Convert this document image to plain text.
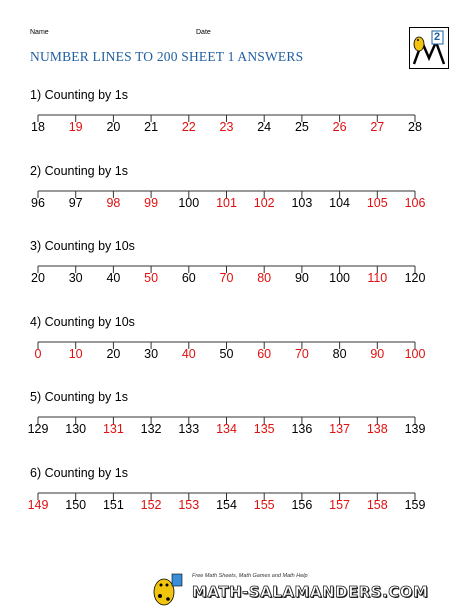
Name	Date
NUMBER LINES TO 200 SHEET 1 ANSWERS
2
1) Counting by 1s
18	19	20	21	22	23	24	25	26	27	28
2) Counting by 1s
96	97	98	99	100	101	102	103	104	105	106
3) Counting by 10s
20	30	40	50	60	70	80	90	100	110	120
4) Counting by 10s
0	10	20	30	40	50	60	70	80	90	100
5) Counting by 1s
129	130	131	132	133	134	135	136	137	138	139
6) Counting by 1s
149	150	151	152	153	154	155	156	157	158	159
Free Math Sheets, Math Games and Math Help
MATH-SALAMANDERS.COM
